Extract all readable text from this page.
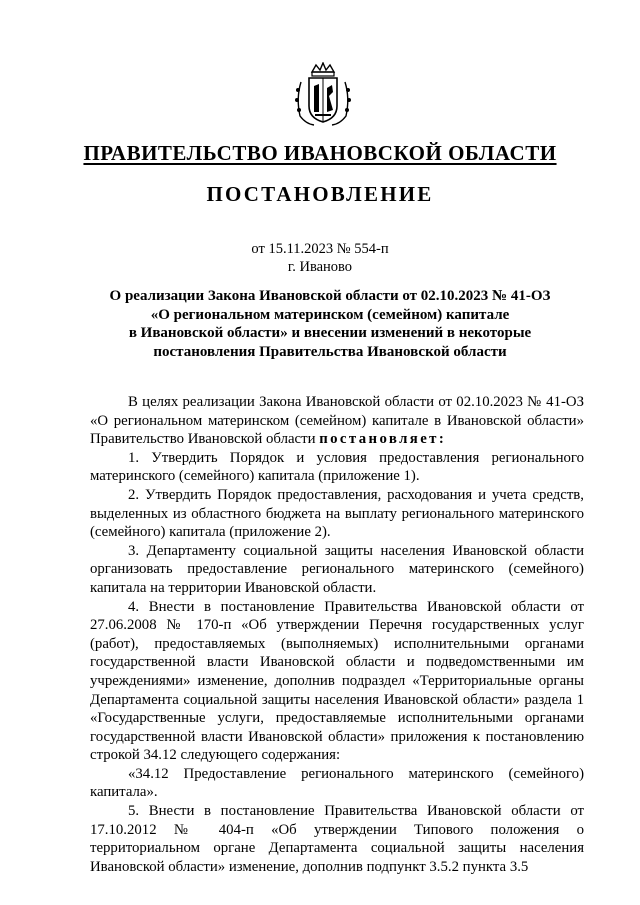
ПРАВИТЕЛЬСТВО ИВАНОВСКОЙ ОБЛАСТИ
ПОСТАНОВЛЕНИЕ
от 15.11.2023 № 554-п
г. Иваново
О реализации Закона Ивановской области от 02.10.2023 № 41-ОЗ
«О региональном материнском (семейном) капитале
в Ивановской области» и внесении изменений в некоторые
постановления Правительства Ивановской области

В целях реализации Закона Ивановской области от 02.10.2023 № 41-ОЗ «О региональном материнском (семейном) капитале в Ивановской области» Правительство Ивановской области постановляет:

1. Утвердить Порядок и условия предоставления регионального материнского (семейного) капитала (приложение 1).

2. Утвердить Порядок предоставления, расходования и учета средств, выделенных из областного бюджета на выплату регионального материнского (семейного) капитала (приложение 2).

3. Департаменту социальной защиты населения Ивановской области организовать предоставление регионального материнского (семейного) капитала на территории Ивановской области.

4. Внести в постановление Правительства Ивановской области от 27.06.2008 № 170-п «Об утверждении Перечня государственных услуг (работ), предоставляемых (выполняемых) исполнительными органами государственной власти Ивановской области и подведомственными им учреждениями» изменение, дополнив подраздел «Территориальные органы Департамента социальной защиты населения Ивановской области» раздела 1 «Государственные услуги, предоставляемые исполнительными органами государственной власти Ивановской области» приложения к постановлению строкой 34.12 следующего содержания:

«34.12 Предоставление регионального материнского (семейного) капитала».

5. Внести в постановление Правительства Ивановской области от 17.10.2012 № 404-п «Об утверждении Типового положения о территориальном органе Департамента социальной защиты населения Ивановской области» изменение, дополнив подпункт 3.5.2 пункта 3.5
